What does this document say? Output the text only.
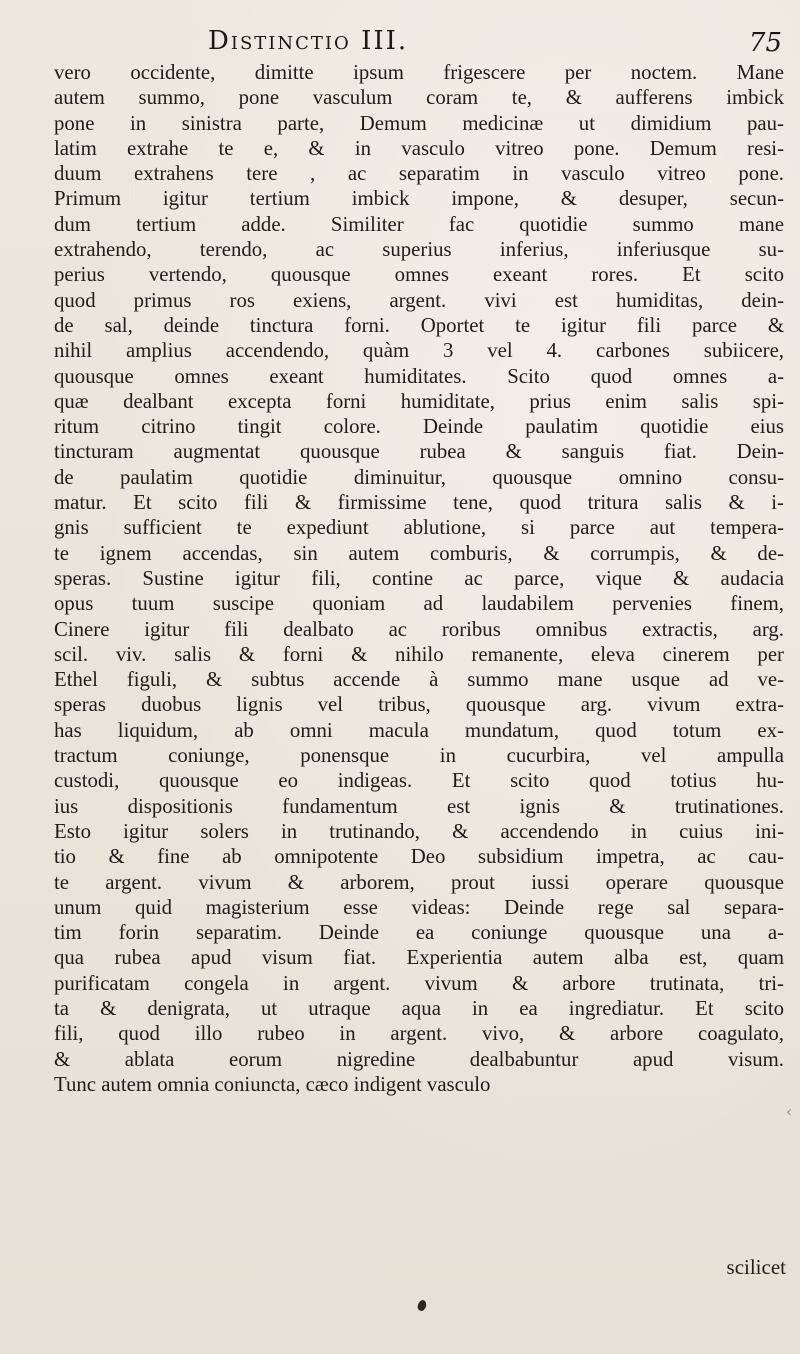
Distinctio III.	75
vero occidente, dimitte ipsum frigescere per noctem. Mane
autem summo, pone vasculum coram te, & aufferens imbick
pone in sinistra parte, Demum medicinæ ut dimidium pau-
latim extrahe te e, & in vasculo vitreo pone. Demum resi-
duum extrahens tere , ac separatim in vasculo vitreo pone.
Primum igitur tertium imbick impone, & desuper, secun-
dum tertium adde. Similiter fac quotidie summo mane
extrahendo, terendo, ac superius inferius, inferiusque su-
perius vertendo, quousque omnes exeant rores. Et scito
quod primus ros exiens, argent. vivi est humiditas, dein-
de sal, deinde tinctura forni. Oportet te igitur fili parce &
nihil amplius accendendo, quàm 3 vel 4. carbones subiicere,
quousque omnes exeant humiditates. Scito quod omnes a-
quæ dealbant excepta forni humiditate, prius enim salis spi-
ritum citrino tingit colore. Deinde paulatim quotidie eius
tincturam augmentat quousque rubea & sanguis fiat. Dein-
de paulatim quotidie diminuitur, quousque omnino consu-
matur. Et scito fili & firmissime tene, quod tritura salis & i-
gnis sufficient te expediunt ablutione, si parce aut tempera-
te ignem accendas, sin autem comburis, & corrumpis, & de-
speras. Sustine igitur fili, contine ac parce, vique & audacia
opus tuum suscipe quoniam ad laudabilem pervenies finem,
Cinere igitur fili dealbato ac roribus omnibus extractis, arg.
scil. viv. salis & forni & nihilo remanente, eleva cinerem per
Ethel figuli, & subtus accende à summo mane usque ad ve-
speras duobus lignis vel tribus, quousque arg. vivum extra-
has liquidum, ab omni macula mundatum, quod totum ex-
tractum coniunge, ponensque in cucurbira, vel ampulla
custodi, quousque eo indigeas. Et scito quod totius hu-
ius dispositionis fundamentum est ignis & trutinationes.
Esto igitur solers in trutinando, & accendendo in cuius ini-
tio & fine ab omnipotente Deo subsidium impetra, ac cau-
te argent. vivum & arborem, prout iussi operare quousque
unum quid magisterium esse videas: Deinde rege sal separa-
tim forin separatim. Deinde ea coniunge quousque una a-
qua rubea apud visum fiat. Experientia autem alba est, quam
purificatam congela in argent. vivum & arbore trutinata, tri-
ta & denigrata, ut utraque aqua in ea ingrediatur. Et scito
fili, quod illo rubeo in argent. vivo, & arbore coagulato,
& ablata eorum nigredine dealbabuntur apud visum.
Tunc autem omnia coniuncta, cæco indigent vasculo
scilicet
‹
